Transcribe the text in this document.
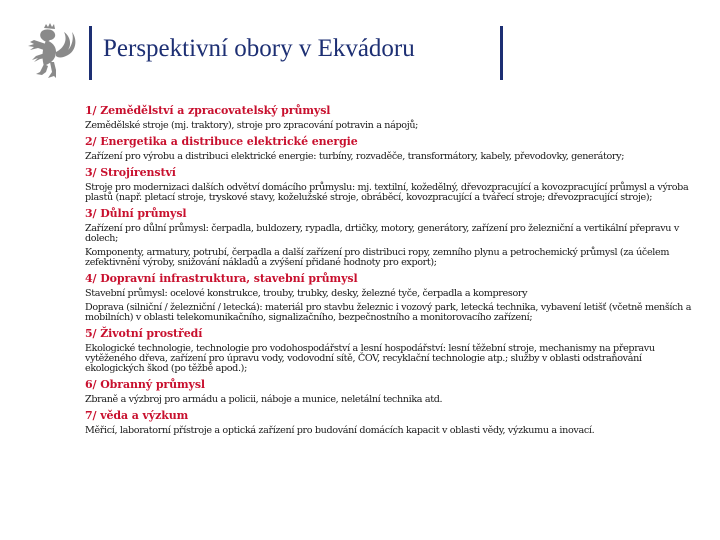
Perspektivní obory v Ekvádoru
1/ Zemědělství a zpracovatelský průmysl

Zemědělské stroje (mj. traktory), stroje pro zpracování potravin a nápojů;

2/ Energetika a distribuce elektrické energie

Zařízení pro výrobu a distribuci elektrické energie: turbíny, rozvaděče, transformátory, kabely, převodovky, generátory;

3/ Strojírenství

Stroje pro modernizaci dalších odvětví domácího průmyslu: mj. textilní, kožedělný, dřevozpracující a kovozpracující průmysl a výroba plastů (např. pletací stroje, tryskové stavy, koželužské stroje, obráběcí, kovozpracující a tvářecí stroje; dřevozpracující stroje);

3/ Důlní průmysl

Zařízení pro důlní průmysl: čerpadla, buldozery, rypadla, drtičky, motory, generátory, zařízení pro železniční a vertikální přepravu v dolech;

Komponenty, armatury, potrubí, čerpadla a další zařízení pro distribuci ropy, zemního plynu a petrochemický průmysl (za účelem zefektivnění výroby, snižování nákladů a zvýšení přidané hodnoty pro export);

4/ Dopravní infrastruktura, stavební průmysl

Stavební průmysl: ocelové konstrukce, trouby, trubky, desky, železné tyče, čerpadla a kompresory

Doprava (silniční / železniční / letecká): materiál pro stavbu železnic i vozový park, letecká technika, vybavení letišť (včetně menších a mobilních) v oblasti telekomunikačního, signalizačního, bezpečnostního a monitorovacího zařízení;

5/ Životní prostředí

Ekologické technologie, technologie pro vodohospodářství a lesní hospodářství: lesní těžební stroje, mechanismy na přepravu vytěženého dřeva, zařízení pro úpravu vody, vodovodní sítě, ČOV, recyklační technologie atp.; služby v oblasti odstraňování ekologických škod (po těžbě apod.);

6/ Obranný průmysl

Zbraně a výzbroj pro armádu a policii, náboje a munice, neletální technika atd.

7/ věda a výzkum

Měřicí, laboratorní přístroje a optická zařízení pro budování domácích kapacit v oblasti vědy, výzkumu a inovací.
